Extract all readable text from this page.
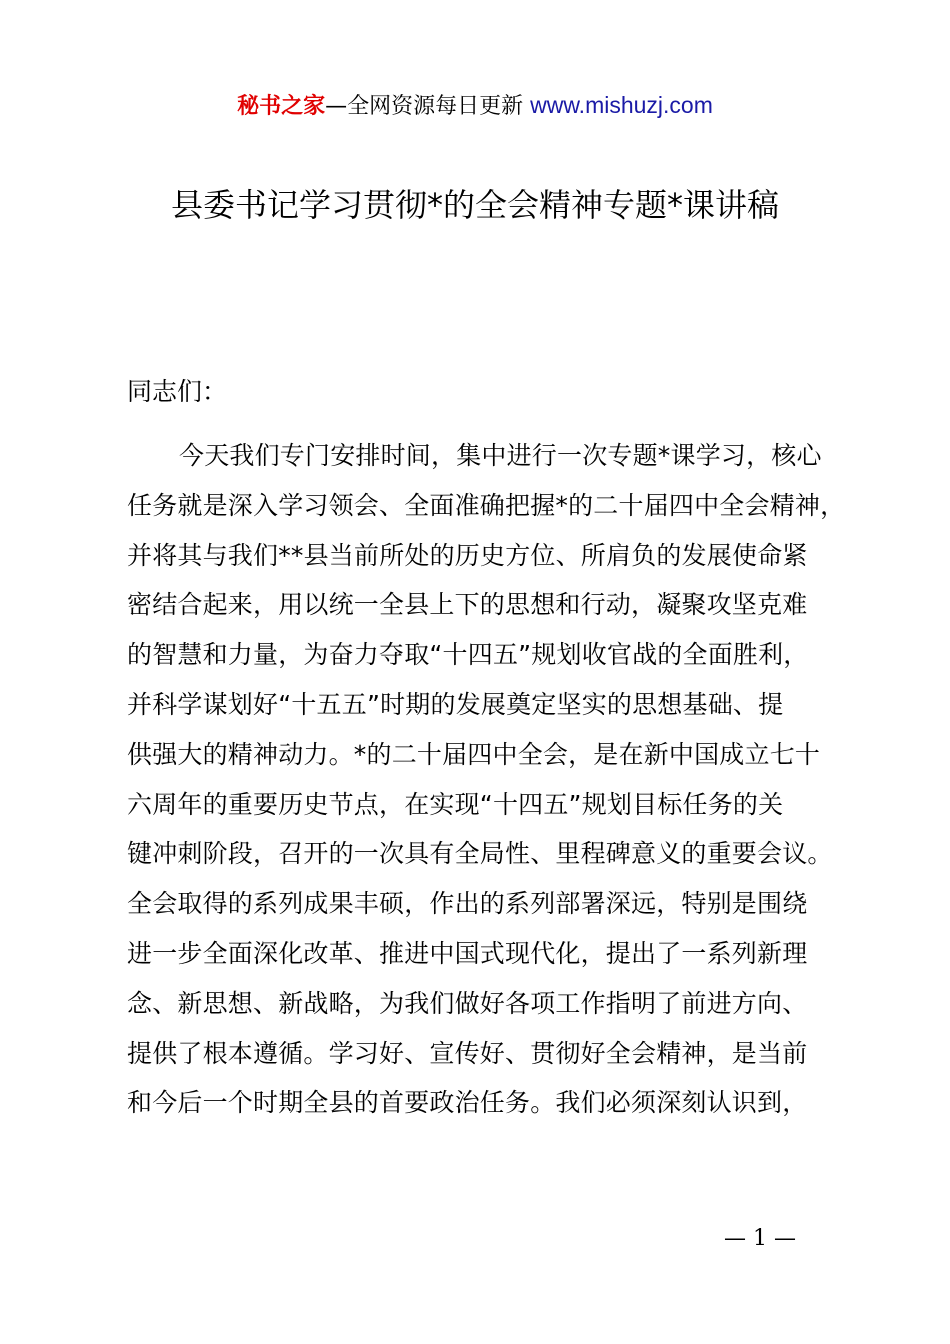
秘书之家—全网资源每日更新 www.mishuzj.com
县委书记学习贯彻*的全会精神专题*课讲稿
同志们：
今天我们专门安排时间，集中进行一次专题*课学习，核心
任务就是深入学习领会、全面准确把握*的二十届四中全会精神，
并将其与我们**县当前所处的历史方位、所肩负的发展使命紧
密结合起来，用以统一全县上下的思想和行动，凝聚攻坚克难
的智慧和力量，为奋力夺取“十四五”规划收官战的全面胜利，
并科学谋划好“十五五”时期的发展奠定坚实的思想基础、提
供强大的精神动力。*的二十届四中全会，是在新中国成立七十
六周年的重要历史节点，在实现“十四五”规划目标任务的关
键冲刺阶段，召开的一次具有全局性、里程碑意义的重要会议。
全会取得的系列成果丰硕，作出的系列部署深远，特别是围绕
进一步全面深化改革、推进中国式现代化，提出了一系列新理
念、新思想、新战略，为我们做好各项工作指明了前进方向、
提供了根本遵循。学习好、宣传好、贯彻好全会精神，是当前
和今后一个时期全县的首要政治任务。我们必须深刻认识到，
— 1 —
